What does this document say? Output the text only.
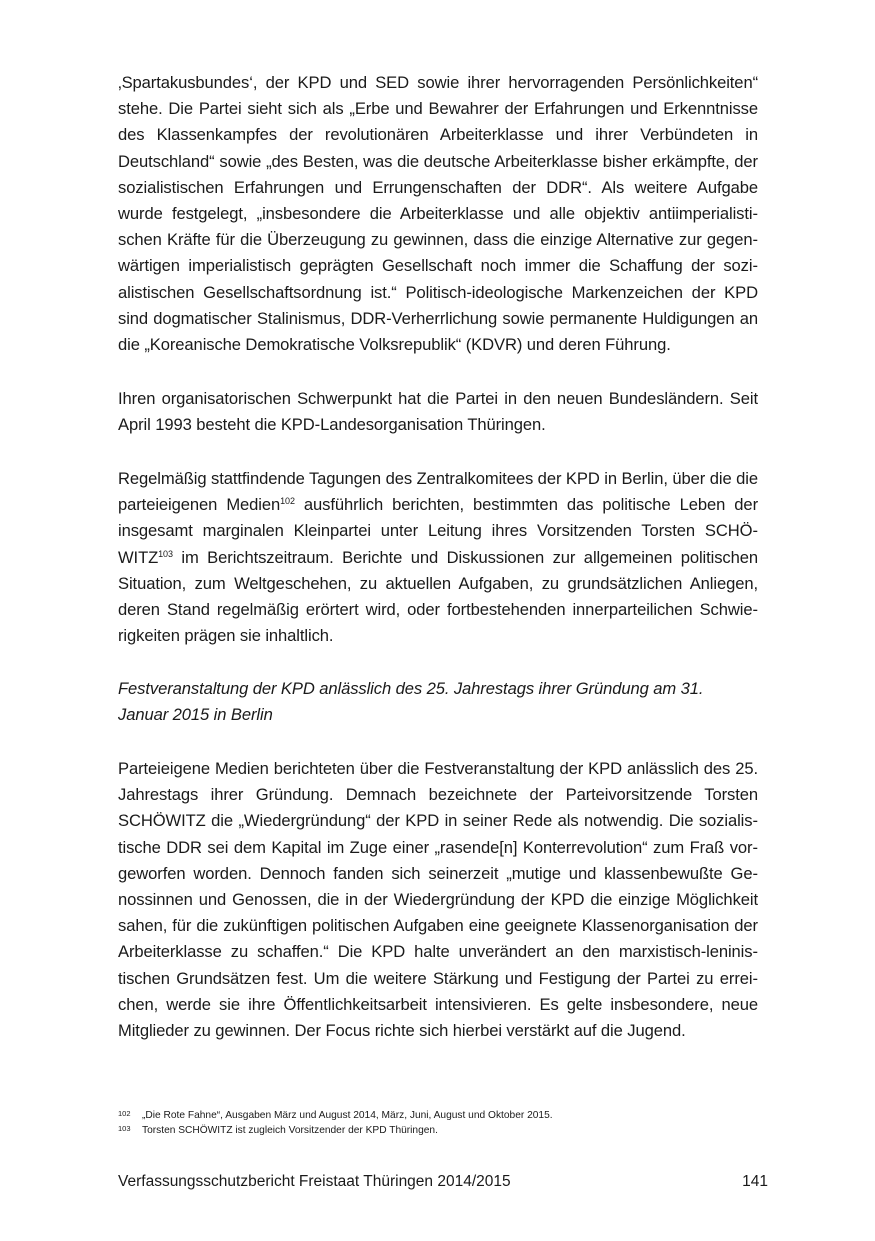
‚Spartakusbundes‘, der KPD und SED sowie ihrer hervorragenden Persönlichkeiten“ stehe. Die Partei sieht sich als „Erbe und Bewahrer der Erfahrungen und Erkenntnisse des Klassenkampfes der revolutionären Arbeiterklasse und ihrer Verbündeten in Deutschland“ sowie „des Besten, was die deutsche Arbeiterklasse bisher erkämpfte, der sozialistischen Erfahrungen und Errungenschaften der DDR“. Als weitere Aufgabe wurde festgelegt, „insbesondere die Arbeiterklasse und alle objektiv antiimperialistischen Kräfte für die Überzeugung zu gewinnen, dass die einzige Alternative zur gegenwärtigen imperialistisch geprägten Gesellschaft noch immer die Schaffung der sozialistischen Gesellschaftsordnung ist.“ Politisch-ideologische Markenzeichen der KPD sind dogmatischer Stalinismus, DDR-Verherrlichung sowie permanente Huldigungen an die „Koreanische Demokratische Volksrepublik“ (KDVR) und deren Führung.

Ihren organisatorischen Schwerpunkt hat die Partei in den neuen Bundesländern. Seit April 1993 besteht die KPD-Landesorganisation Thüringen.

Regelmäßig stattfindende Tagungen des Zentralkomitees der KPD in Berlin, über die die parteieigenen Medien$^{102}$ ausführlich berichten, bestimmten das politische Leben der insgesamt marginalen Kleinpartei unter Leitung ihres Vorsitzenden Torsten SCHÖWITZ$^{103}$ im Berichtszeitraum. Berichte und Diskussionen zur allgemeinen politischen Situation, zum Weltgeschehen, zu aktuellen Aufgaben, zu grundsätzlichen Anliegen, deren Stand regelmäßig erörtert wird, oder fortbestehenden innerparteilichen Schwierigkeiten prägen sie inhaltlich.

Festveranstaltung der KPD anlässlich des 25. Jahrestags ihrer Gründung am 31. Januar 2015 in Berlin

Parteieigene Medien berichteten über die Festveranstaltung der KPD anlässlich des 25. Jahrestags ihrer Gründung. Demnach bezeichnete der Parteivorsitzende Torsten SCHÖWITZ die „Wiedergründung“ der KPD in seiner Rede als notwendig. Die sozialistische DDR sei dem Kapital im Zuge einer „rasende[n] Konterrevolution“ zum Fraß vorgeworfen worden. Dennoch fanden sich seinerzeit „mutige und klassenbewußte Genossinnen und Genossen, die in der Wiedergründung der KPD die einzige Möglichkeit sahen, für die zukünftigen politischen Aufgaben eine geeignete Klassenorganisation der Arbeiterklasse zu schaffen.“ Die KPD halte unverändert an den marxistisch-leninistischen Grundsätzen fest. Um die weitere Stärkung und Festigung der Partei zu erreichen, werde sie ihre Öffentlichkeitsarbeit intensivieren. Es gelte insbesondere, neue Mitglieder zu gewinnen. Der Focus richte sich hierbei verstärkt auf die Jugend.

102	„Die Rote Fahne“, Ausgaben März und August 2014, März, Juni, August und Oktober 2015.
103	Torsten SCHÖWITZ ist zugleich Vorsitzender der KPD Thüringen.
Verfassungsschutzbericht Freistaat Thüringen 2014/2015	141
